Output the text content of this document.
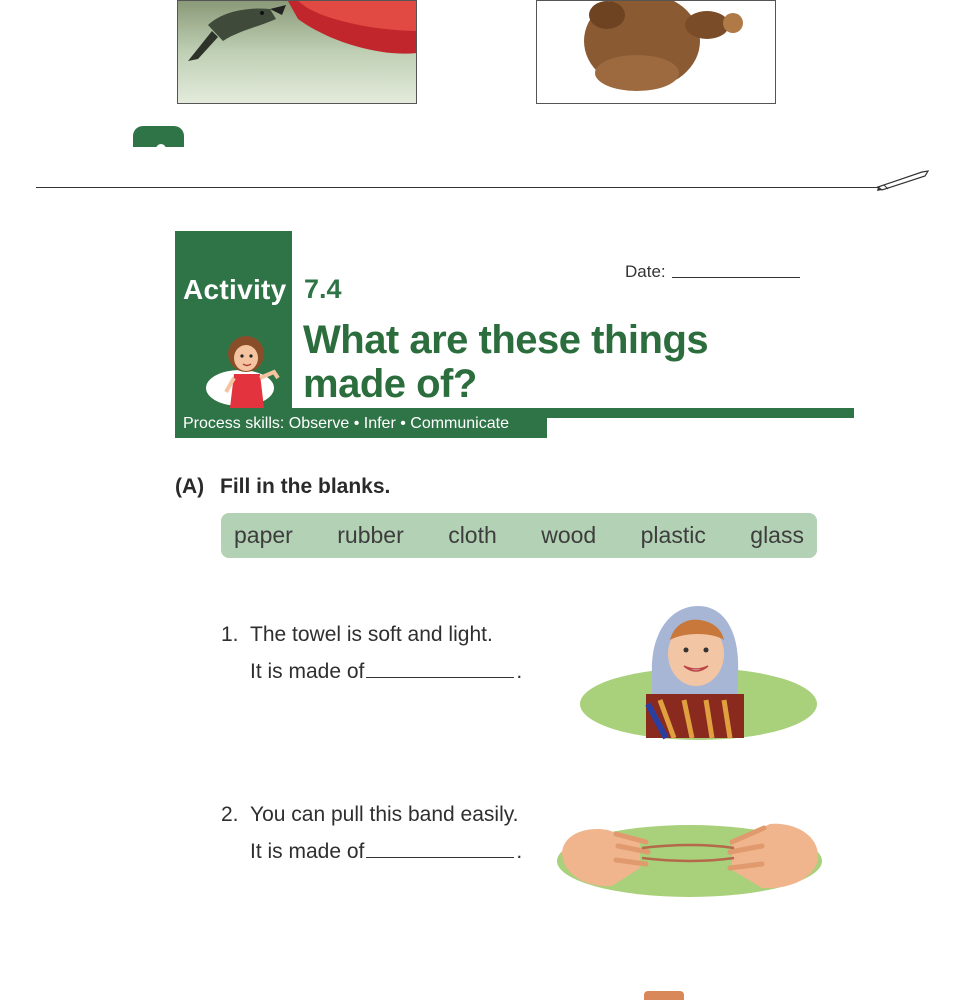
Activity 7.4
Date:
What are these things
made of?
Process skills: Observe • Infer • Communicate
(A) Fill in the blanks.
paper rubber cloth wood plastic glass
1. The towel is soft and light.
It is made of	.
2. You can pull this band easily.
It is made of	.
